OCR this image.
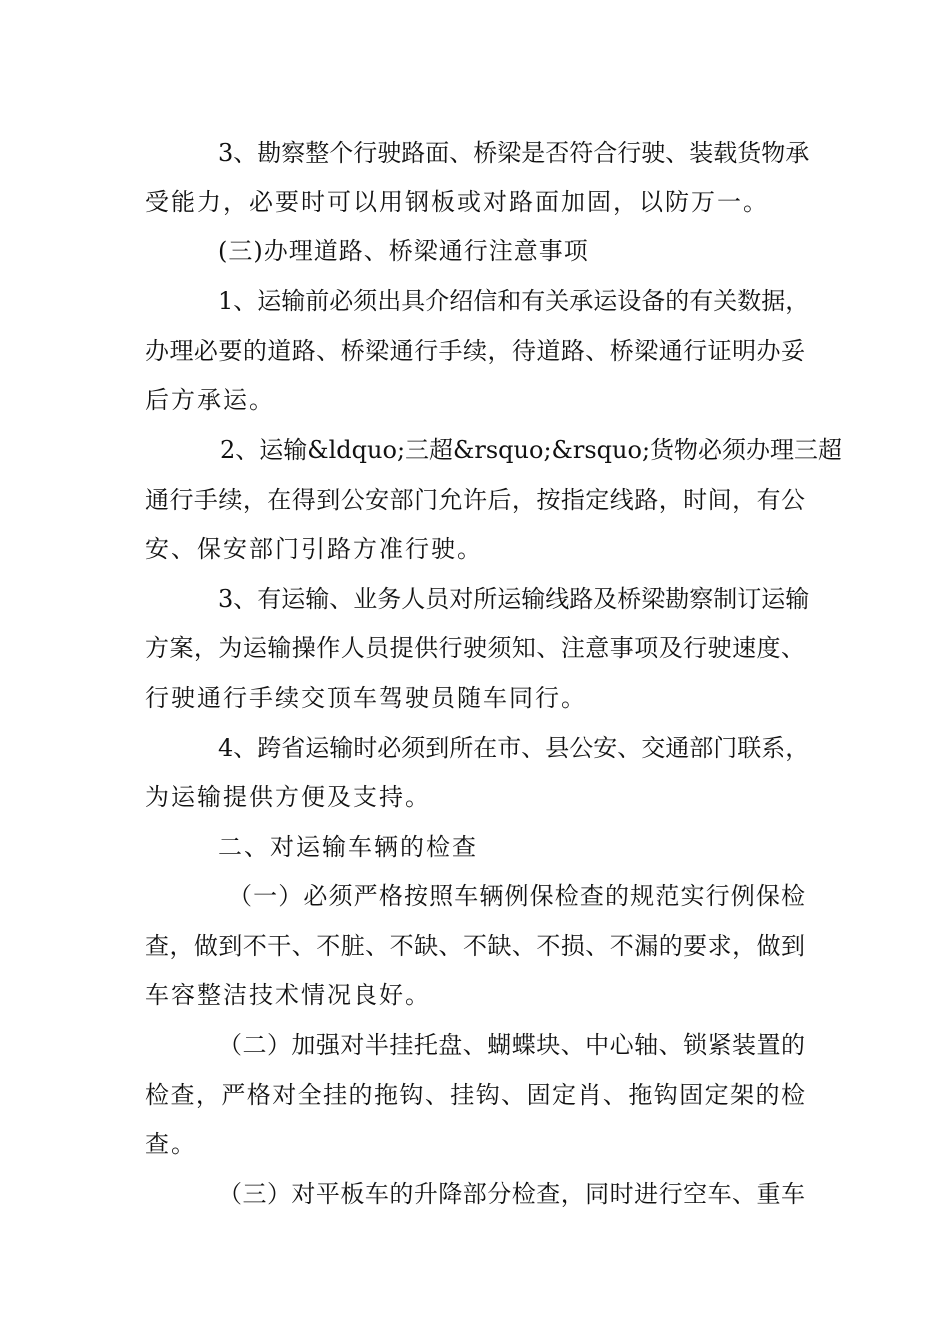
3、勘察整个行驶路面、桥梁是否符合行驶、装载货物承
受能力，必要时可以用钢板或对路面加固，以防万一。
(三)办理道路、桥梁通行注意事项
1、运输前必须出具介绍信和有关承运设备的有关数据，
办理必要的道路、桥梁通行手续，待道路、桥梁通行证明办妥
后方承运。
2、运输&ldquo;三超&rsquo;&rsquo;货物必须办理三超
通行手续，在得到公安部门允许后，按指定线路，时间，有公
安、保安部门引路方准行驶。
3、有运输、业务人员对所运输线路及桥梁勘察制订运输
方案，为运输操作人员提供行驶须知、注意事项及行驶速度、
行驶通行手续交顶车驾驶员随车同行。
4、跨省运输时必须到所在市、县公安、交通部门联系，
为运输提供方便及支持。
二、对运输车辆的检查
（一）必须严格按照车辆例保检查的规范实行例保检
查，做到不干、不脏、不缺、不缺、不损、不漏的要求，做到
车容整洁技术情况良好。
（二）加强对半挂托盘、蝴蝶块、中心轴、锁紧装置的
检查，严格对全挂的拖钩、挂钩、固定肖、拖钩固定架的检
查。
（三）对平板车的升降部分检查，同时进行空车、重车
